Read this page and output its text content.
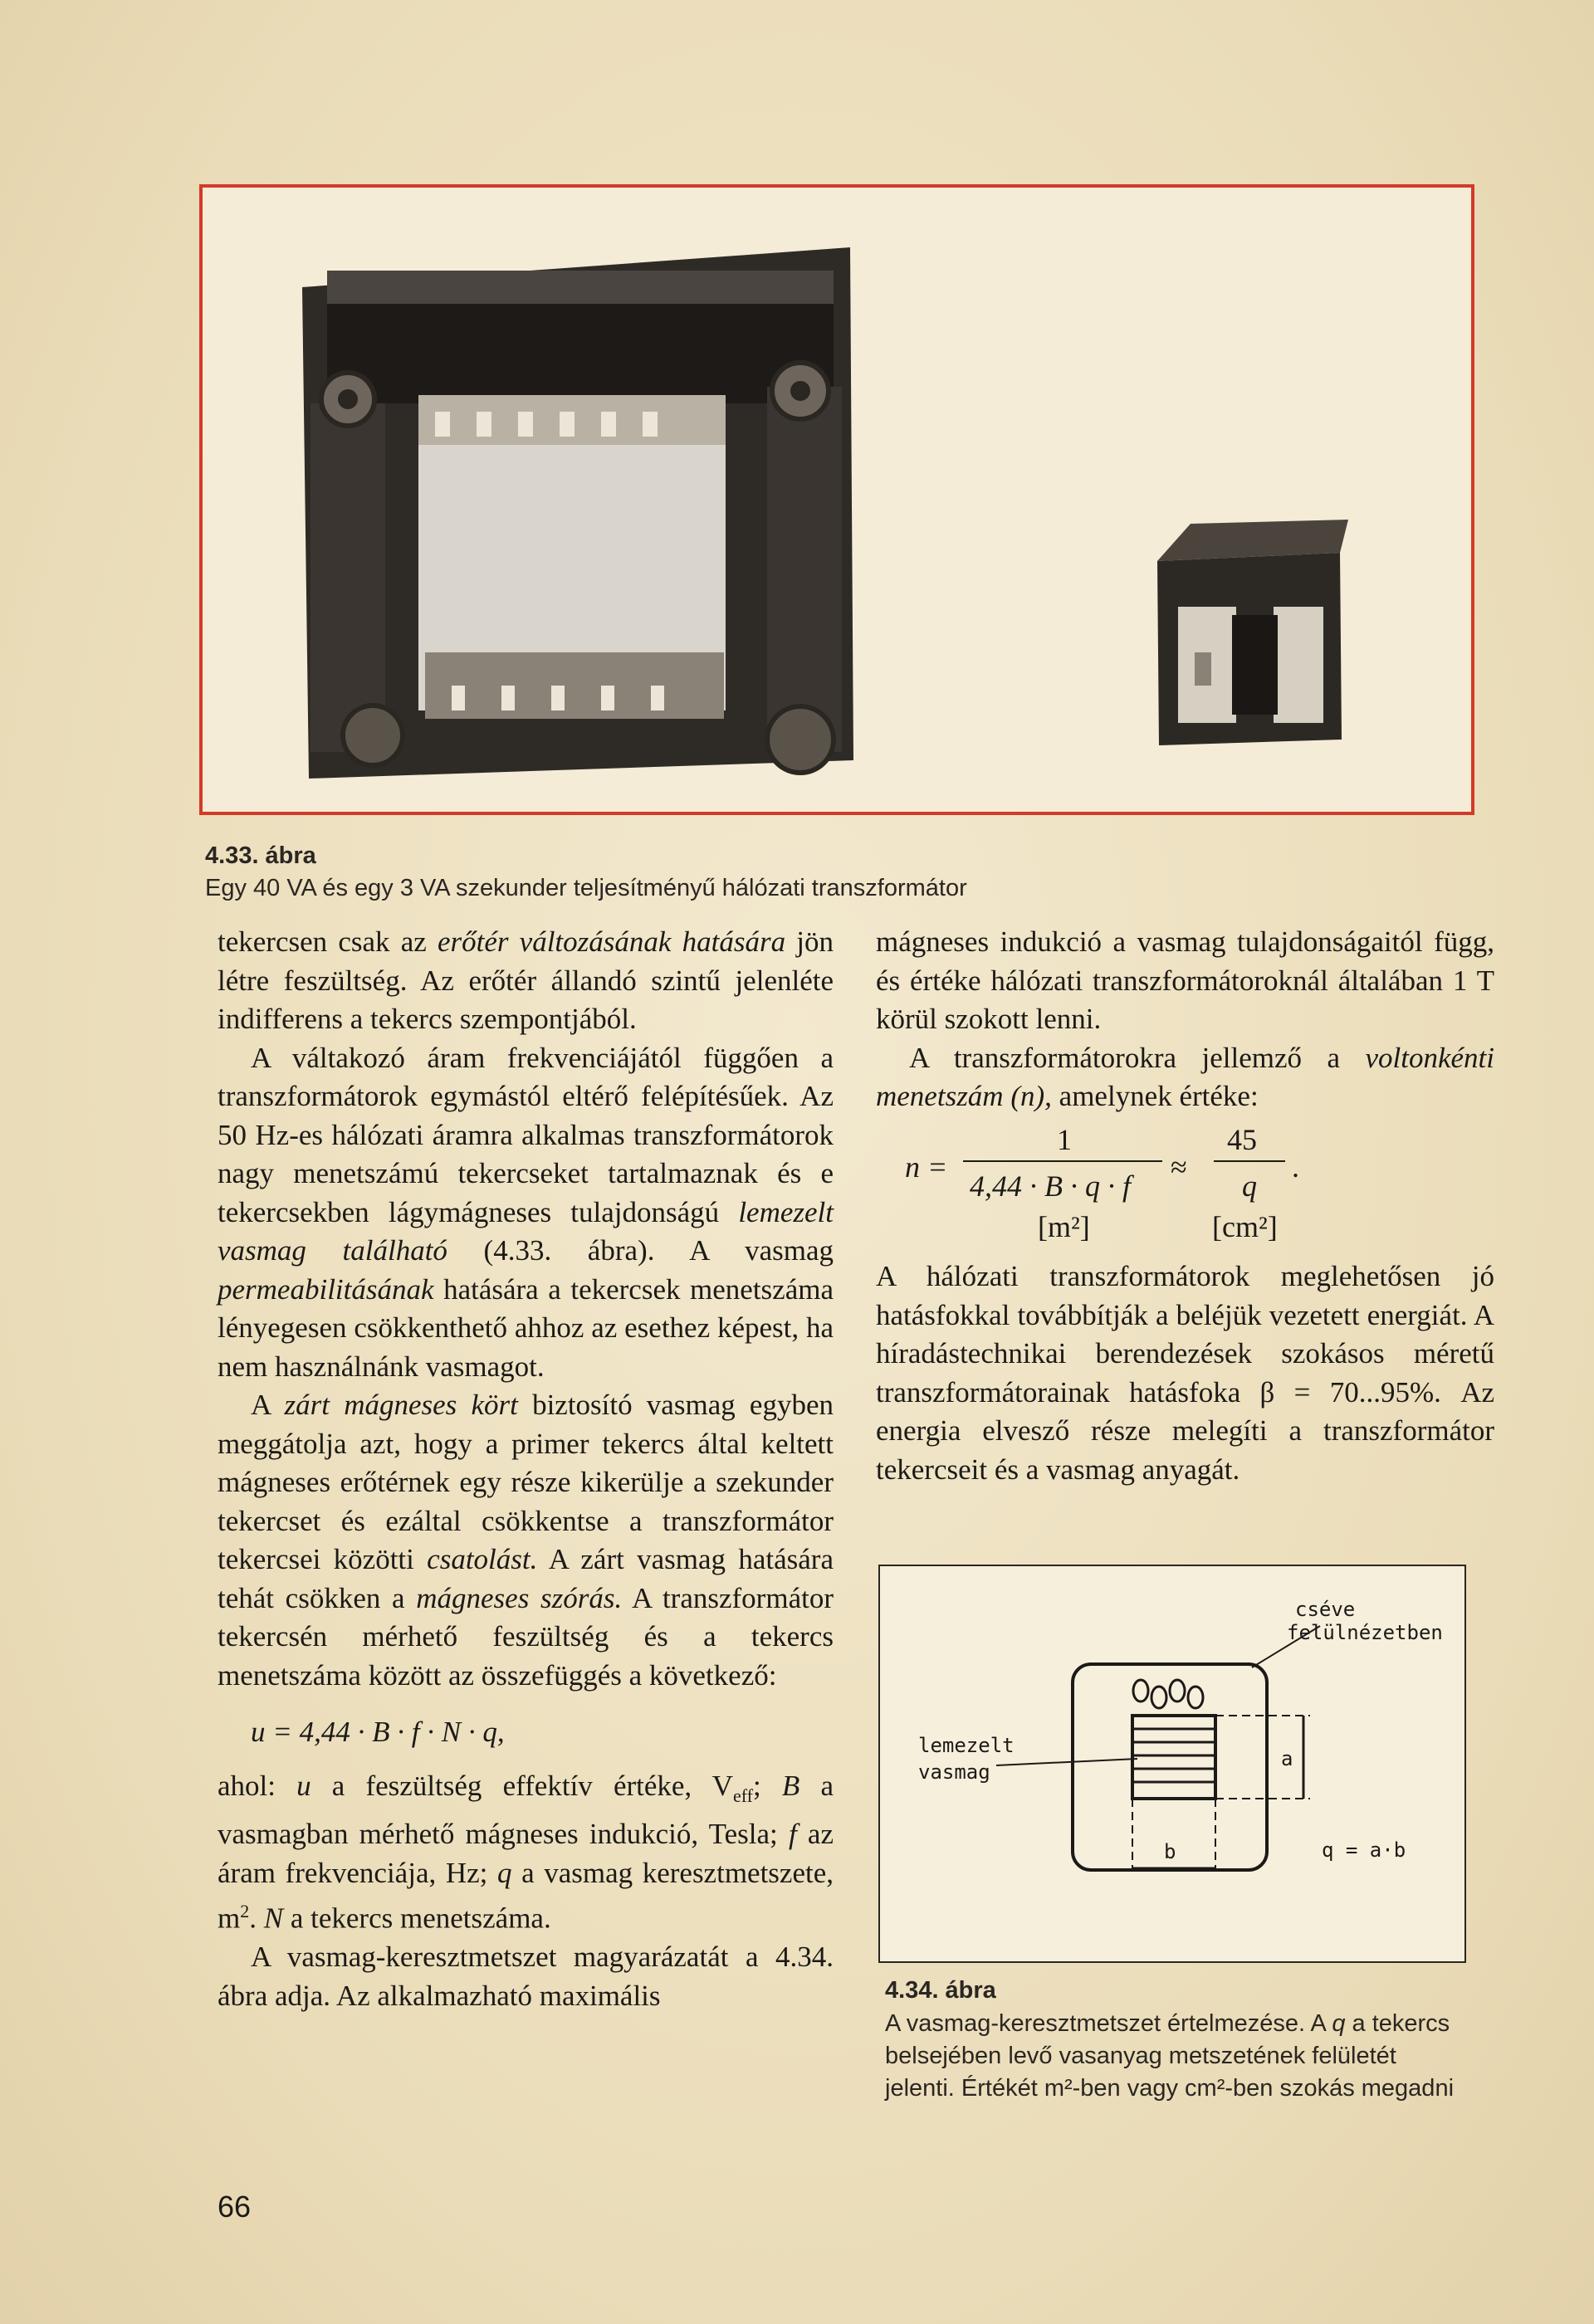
4.33. ábra
Egy 40 VA és egy 3 VA szekunder teljesítményű hálózati transzformátor

tekercsen csak az erőtér változásának hatására jön létre feszültség. Az erőtér állandó szintű jelenléte indifferens a tekercs szempontjából.

A váltakozó áram frekvenciájától függően a transzformátorok egymástól eltérő felépítésűek. Az 50 Hz-es hálózati áramra alkalmas transzformátorok nagy menetszámú tekercseket tartalmaznak és e tekercsekben lágymágneses tulajdonságú lemezelt vasmag található (4.33. ábra). A vasmag permeabilitásának hatására a tekercsek menetszáma lényegesen csökkenthető ahhoz az esethez képest, ha nem használnánk vasmagot.

A zárt mágneses kört biztosító vasmag egyben meggátolja azt, hogy a primer tekercs által keltett mágneses erőtérnek egy része kikerülje a szekunder tekercset és ezáltal csökkentse a transzformátor tekercsei közötti csatolást. A zárt vasmag hatására tehát csökken a mágneses szórás. A transzformátor tekercsén mérhető feszültség és a tekercs menetszáma között az összefüggés a következő:

u = 4,44 · B · f · N · q,

ahol: u a feszültség effektív értéke, $V_{eff}$; B a vasmagban mérhető mágneses indukció, Tesla; f az áram frekvenciája, Hz; q a vasmag keresztmetszete, $m^2$. N a tekercs menetszáma.

A vasmag-keresztmetszet magyarázatát a 4.34. ábra adja. Az alkalmazható maximális

mágneses indukció a vasmag tulajdonságaitól függ, és értéke hálózati transzformátoroknál általában 1 T körül szokott lenni.

A transzformátorokra jellemző a voltonkénti menetszám (n), amelynek értéke:

n =
1
4,44 · B · q · f
≈
45
q
.
[m²]	[cm²]

A hálózati transzformátorok meglehetősen jó hatásfokkal továbbítják a beléjük vezetett energiát. A híradástechnikai berendezések szokásos méretű transzformátorainak hatásfoka β = 70...95%. Az energia elvesző része melegíti a transzformátor tekercseit és a vasmag anyagát.

cséve
felülnézetben
lemezelt
vasmag
a
b	q = a·b
4.34. ábra
A vasmag-keresztmetszet értelmezése. A q a tekercs belsejében levő vasanyag metszetének felületét jelenti. Értékét m²-ben vagy cm²-ben szokás megadni
66
